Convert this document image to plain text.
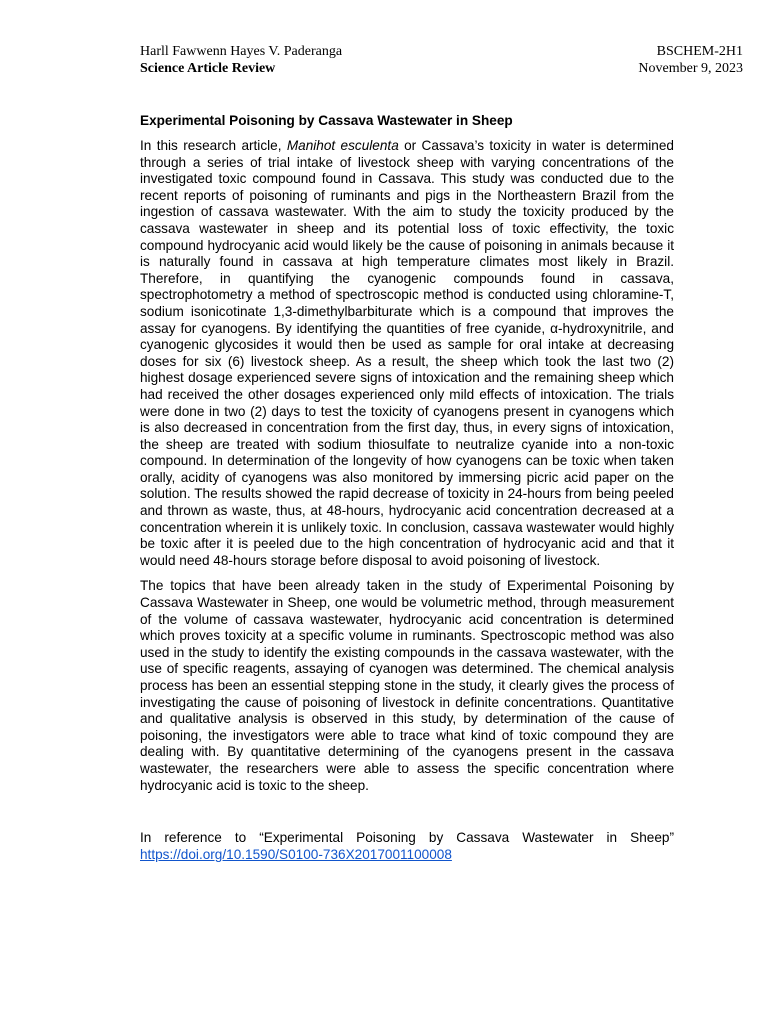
Harll Fawwenn Hayes V. Paderanga
Science Article Review
BSCHEM-2H1
November 9, 2023
Experimental Poisoning by Cassava Wastewater in Sheep

In this research article, Manihot esculenta or Cassava’s toxicity in water is determined through a series of trial intake of livestock sheep with varying concentrations of the investigated toxic compound found in Cassava. This study was conducted due to the recent reports of poisoning of ruminants and pigs in the Northeastern Brazil from the ingestion of cassava wastewater. With the aim to study the toxicity produced by the cassava wastewater in sheep and its potential loss of toxic effectivity, the toxic compound hydrocyanic acid would likely be the cause of poisoning in animals because it is naturally found in cassava at high temperature climates most likely in Brazil. Therefore, in quantifying the cyanogenic compounds found in cassava, spectrophotometry a method of spectroscopic method is conducted using chloramine-T, sodium isonicotinate 1,3-dimethylbarbiturate which is a compound that improves the assay for cyanogens. By identifying the quantities of free cyanide, α-hydroxynitrile, and cyanogenic glycosides it would then be used as sample for oral intake at decreasing doses for six (6) livestock sheep. As a result, the sheep which took the last two (2) highest dosage experienced severe signs of intoxication and the remaining sheep which had received the other dosages experienced only mild effects of intoxication. The trials were done in two (2) days to test the toxicity of cyanogens present in cyanogens which is also decreased in concentration from the first day, thus, in every signs of intoxication, the sheep are treated with sodium thiosulfate to neutralize cyanide into a non-toxic compound. In determination of the longevity of how cyanogens can be toxic when taken orally, acidity of cyanogens was also monitored by immersing picric acid paper on the solution. The results showed the rapid decrease of toxicity in 24-hours from being peeled and thrown as waste, thus, at 48-hours, hydrocyanic acid concentration decreased at a concentration wherein it is unlikely toxic. In conclusion, cassava wastewater would highly be toxic after it is peeled due to the high concentration of hydrocyanic acid and that it would need 48-hours storage before disposal to avoid poisoning of livestock.

The topics that have been already taken in the study of Experimental Poisoning by Cassava Wastewater in Sheep, one would be volumetric method, through measurement of the volume of cassava wastewater, hydrocyanic acid concentration is determined which proves toxicity at a specific volume in ruminants. Spectroscopic method was also used in the study to identify the existing compounds in the cassava wastewater, with the use of specific reagents, assaying of cyanogen was determined. The chemical analysis process has been an essential stepping stone in the study, it clearly gives the process of investigating the cause of poisoning of livestock in definite concentrations. Quantitative and qualitative analysis is observed in this study, by determination of the cause of poisoning, the investigators were able to trace what kind of toxic compound they are dealing with. By quantitative determining of the cyanogens present in the cassava wastewater, the researchers were able to assess the specific concentration where hydrocyanic acid is toxic to the sheep.

In reference to “Experimental Poisoning by Cassava Wastewater in Sheep”
https://doi.org/10.1590/S0100-736X2017001100008
